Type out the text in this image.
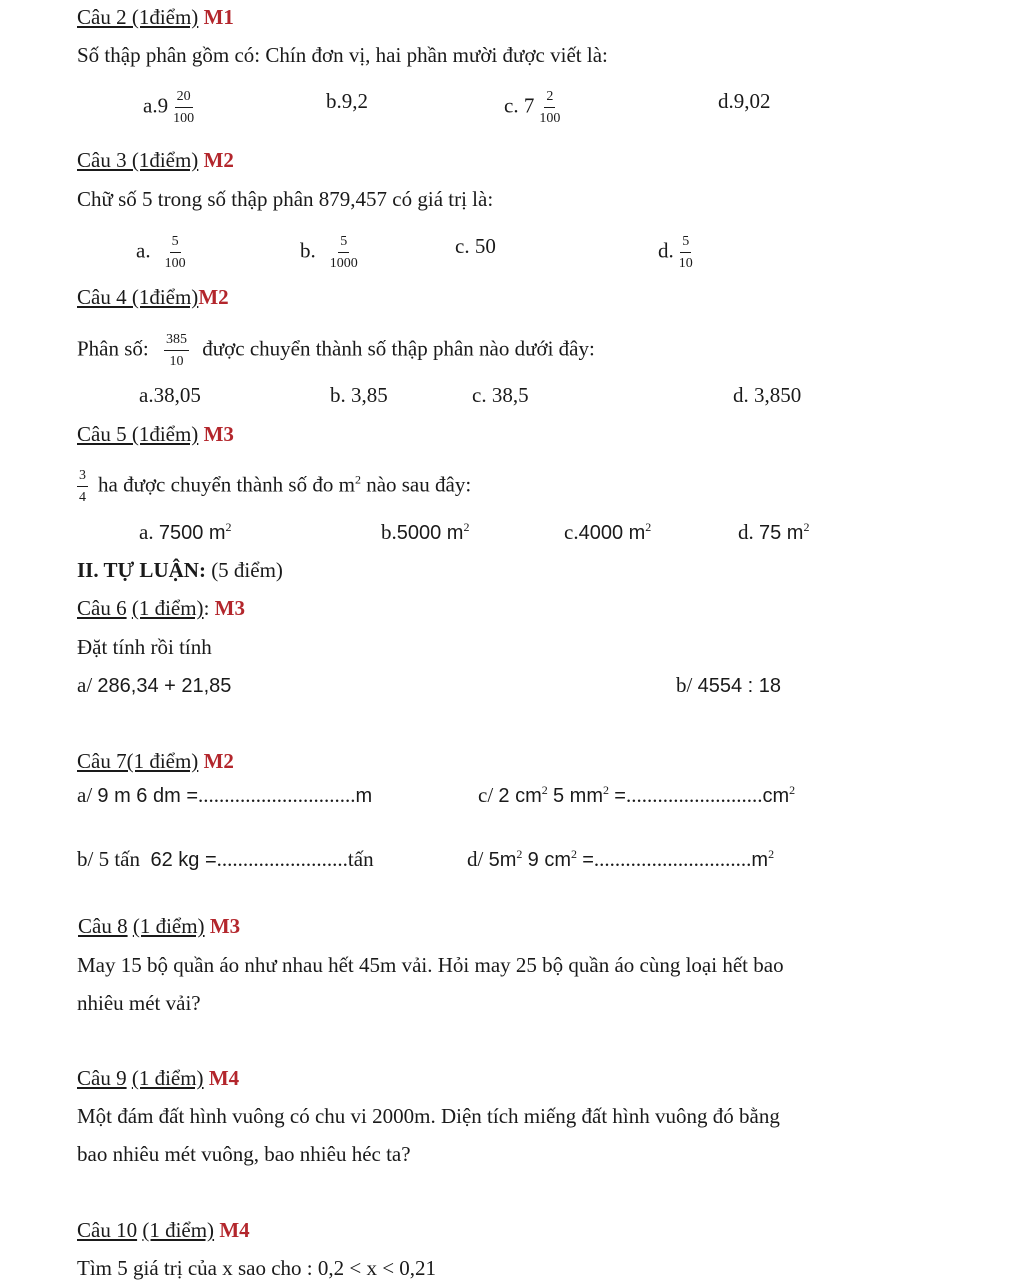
Câu 2 (1điểm) M1
Số thập phân gồm có: Chín đơn vị, hai phần mười được viết là:
$a.9 \frac{20}{100}$	b.9,2	c. $7 \frac{2}{100}$	d.9,02
Câu 3 (1điểm) M2
Chữ số 5 trong số thập phân 879,457 có giá trị là:
a. $\frac{5}{100}$	b. $\frac{5}{1000}$	c. 50	d. $\frac{5}{10}$
Câu 4 (1điểm)M2
Phân số: $\frac{385}{10}$ được chuyển thành số thập phân nào dưới đây:
a.38,05	b. 3,85	c. 38,5	d. 3,850
Câu 5 (1điểm) M3
$\frac{3}{4}$ ha được chuyển thành số đo $m^2$ nào sau đây:
a. 7500 $m^2$	b.5000 $m^2$	c.4000 $m^2$	d. 75 $m^2$
II. TỰ LUẬN: (5 điểm)
Câu 6 (1 điểm): M3
Đặt tính rồi tính
a/ 286,34 + 21,85	b/ 4554 : 18
Câu 7(1 điểm) M2
a/ 9 m 6 dm =..............................m	c/ 2 $cm^2$ 5 $mm^2 =..........................cm^2$
b/ 5 tấn 62 kg =.........................tấn	d/ $5m^2$ 9 $cm^2 =..............................m^2$
Câu 8 (1 điểm) M3
May 15 bộ quần áo như nhau hết 45m vải. Hỏi may 25 bộ quần áo cùng loại hết bao
nhiêu mét vải?
Câu 9 (1 điểm) M4
Một đám đất hình vuông có chu vi 2000m. Diện tích miếng đất hình vuông đó bằng
bao nhiêu mét vuông, bao nhiêu héc ta?
Câu 10 (1 điểm) M4
Tìm 5 giá trị của x sao cho : 0,2 < x < 0,21
